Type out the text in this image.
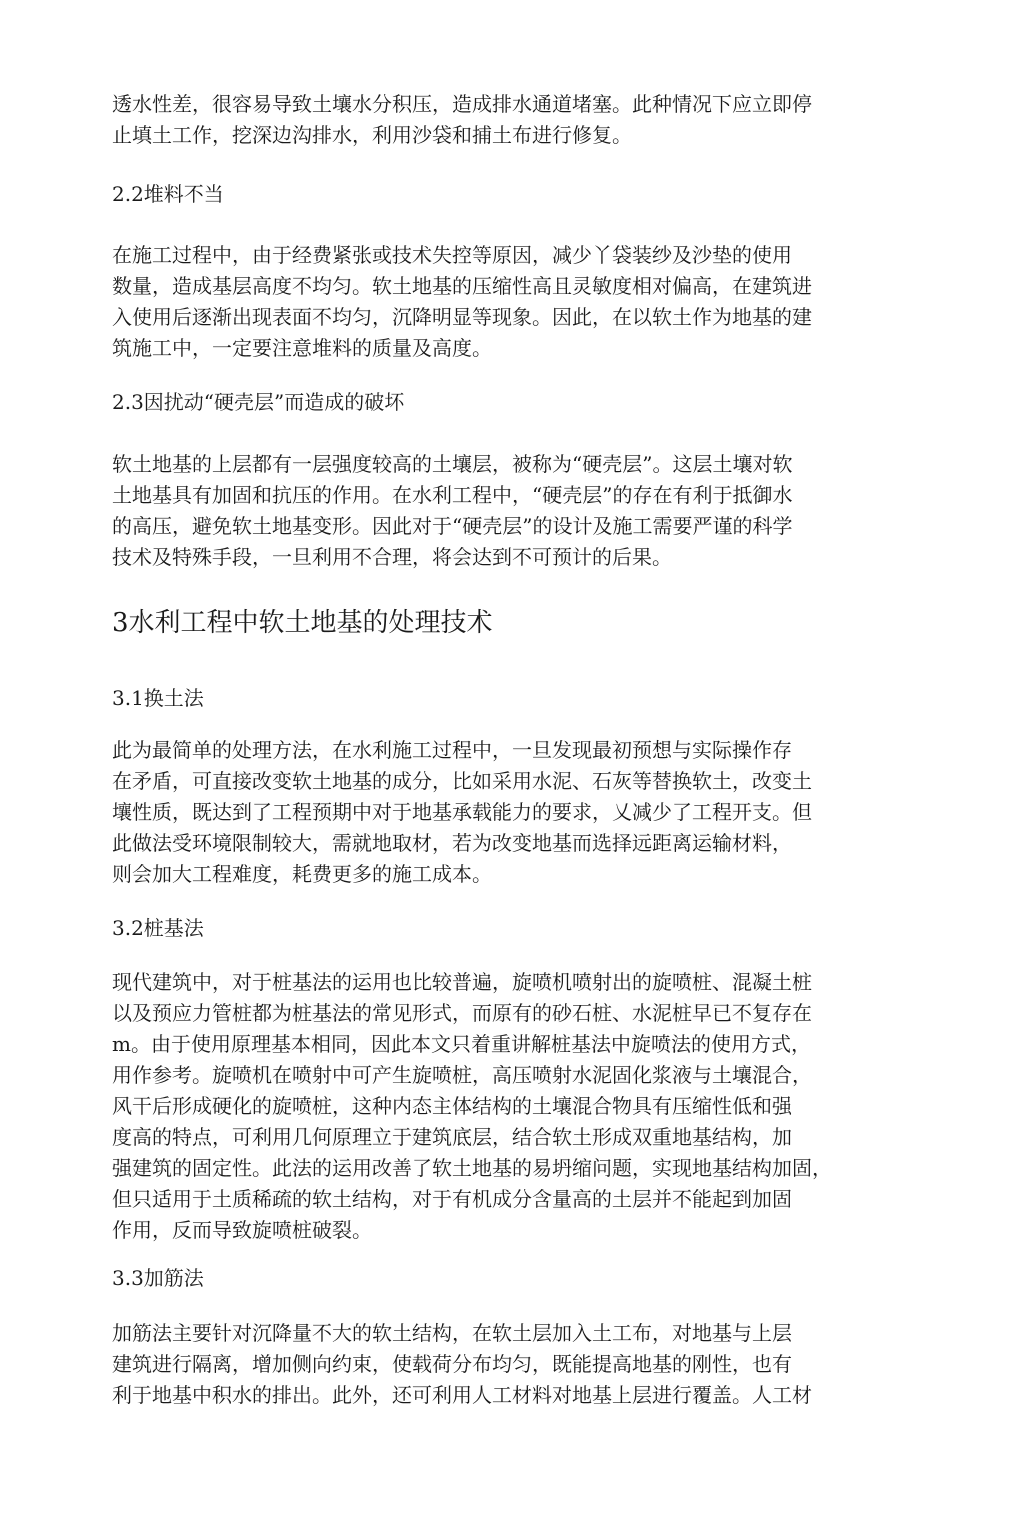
透水性差，很容易导致土壤水分积压，造成排水通道堵塞。此种情况下应立即停
止填土工作，挖深边沟排水，利用沙袋和捕土布进行修复。
2.2堆料不当
在施工过程中，由于经费紧张或技术失控等原因，减少丫袋装纱及沙垫的使用
数量，造成基层高度不均匀。软土地基的压缩性高且灵敏度相对偏高，在建筑进
入使用后逐渐出现表面不均匀，沉降明显等现象。因此，在以软土作为地基的建
筑施工中，一定要注意堆料的质量及高度。
2.3因扰动“硬壳层”而造成的破坏
软土地基的上层都有一层强度较高的土壤层，被称为“硬壳层”。这层土壤对软
土地基具有加固和抗压的作用。在水利工程中，“硬壳层”的存在有利于抵御水
的高压，避免软土地基变形。因此对于“硬壳层”的设计及施工需要严谨的科学
技术及特殊手段，一旦利用不合理，将会达到不可预计的后果。
3水利工程中软土地基的处理技术
3.1换土法
此为最简单的处理方法，在水利施工过程中，一旦发现最初预想与实际操作存
在矛盾，可直接改变软土地基的成分，比如采用水泥、石灰等替换软土，改变土
壤性质，既达到了工程预期中对于地基承载能力的要求，乂减少了工程开支。但
此做法受环境限制较大，需就地取材，若为改变地基而选择远距离运输材料，
则会加大工程难度，耗费更多的施工成本。
3.2桩基法
现代建筑中，对于桩基法的运用也比较普遍，旋喷机喷射出的旋喷桩、混凝土桩
以及预应力管桩都为桩基法的常见形式，而原有的砂石桩、水泥桩早已不复存在
m。由于使用原理基本相同，因此本文只着重讲解桩基法中旋喷法的使用方式，
用作参考。旋喷机在喷射中可产生旋喷桩，高压喷射水泥固化浆液与土壤混合，
风干后形成硬化的旋喷桩，这种内态主体结构的土壤混合物具有压缩性低和强
度高的特点，可利用几何原理立于建筑底层，结合软土形成双重地基结构，加
强建筑的固定性。此法的运用改善了软土地基的易坍缩问题，实现地基结构加固，
但只适用于土质稀疏的软土结构，对于有机成分含量高的土层并不能起到加固
作用，反而导致旋喷桩破裂。
3.3加筋法
加筋法主要针对沉降量不大的软土结构，在软土层加入土工布，对地基与上层
建筑进行隔离，增加侧向约束，使载荷分布均匀，既能提高地基的刚性，也有
利于地基中积水的排出。此外，还可利用人工材料对地基上层进行覆盖。人工材
